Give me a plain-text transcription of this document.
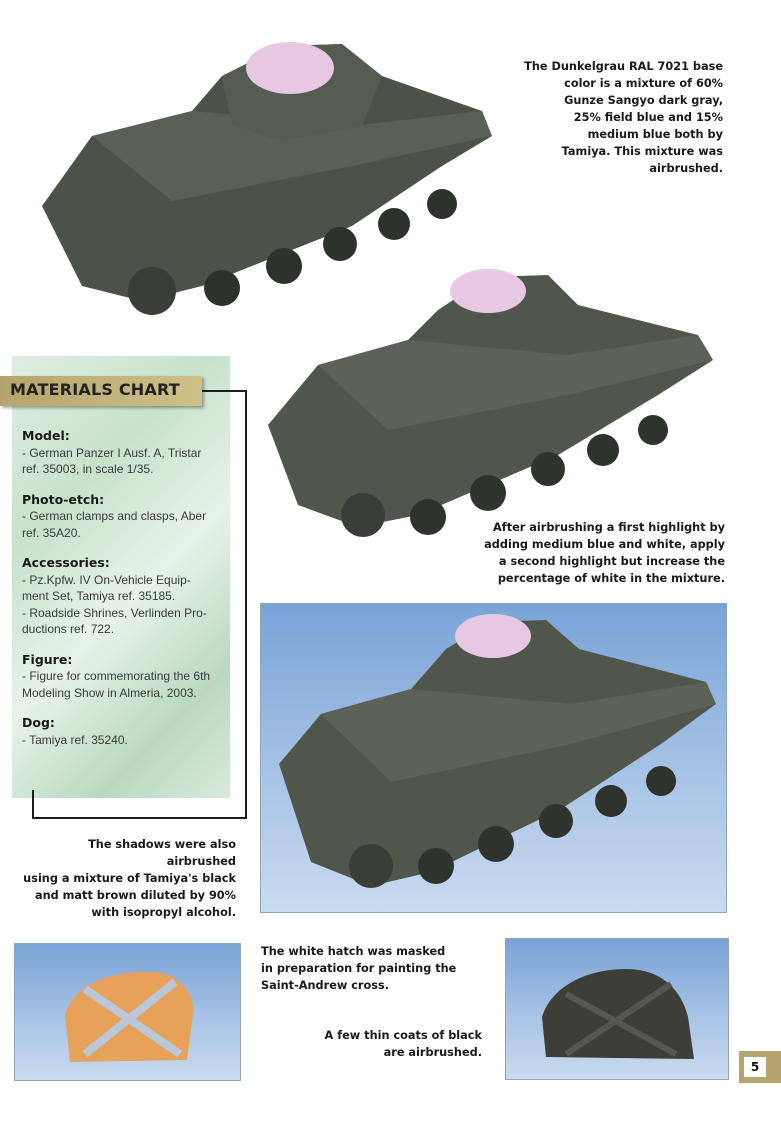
The Dunkelgrau RAL 7021 base
color is a mixture of 60%
Gunze Sangyo dark gray,
25% field blue and 15%
medium blue both by
Tamiya. This mixture was
airbrushed.
After airbrushing a first highlight by
adding medium blue and white, apply
a second highlight but increase the
percentage of white in the mixture.
MATERIALS CHART
Model:
- German Panzer I Ausf. A, Tristar
ref. 35003, in scale 1/35.
Photo-etch:
- German clamps and clasps, Aber
ref. 35A20.
Accessories:
- Pz.Kpfw. IV On-Vehicle Equip-
ment Set, Tamiya ref. 35185.
- Roadside Shrines, Verlinden Pro-
ductions ref. 722.
Figure:
- Figure for commemorating the 6th
Modeling Show in Almeria, 2003.
Dog:
- Tamiya ref. 35240.
The shadows were also airbrushed
using a mixture of Tamiya's black
and matt brown diluted by 90%
with isopropyl alcohol.
The white hatch was masked
in preparation for painting the
Saint-Andrew cross.
A few thin coats of black
are airbrushed.
5
